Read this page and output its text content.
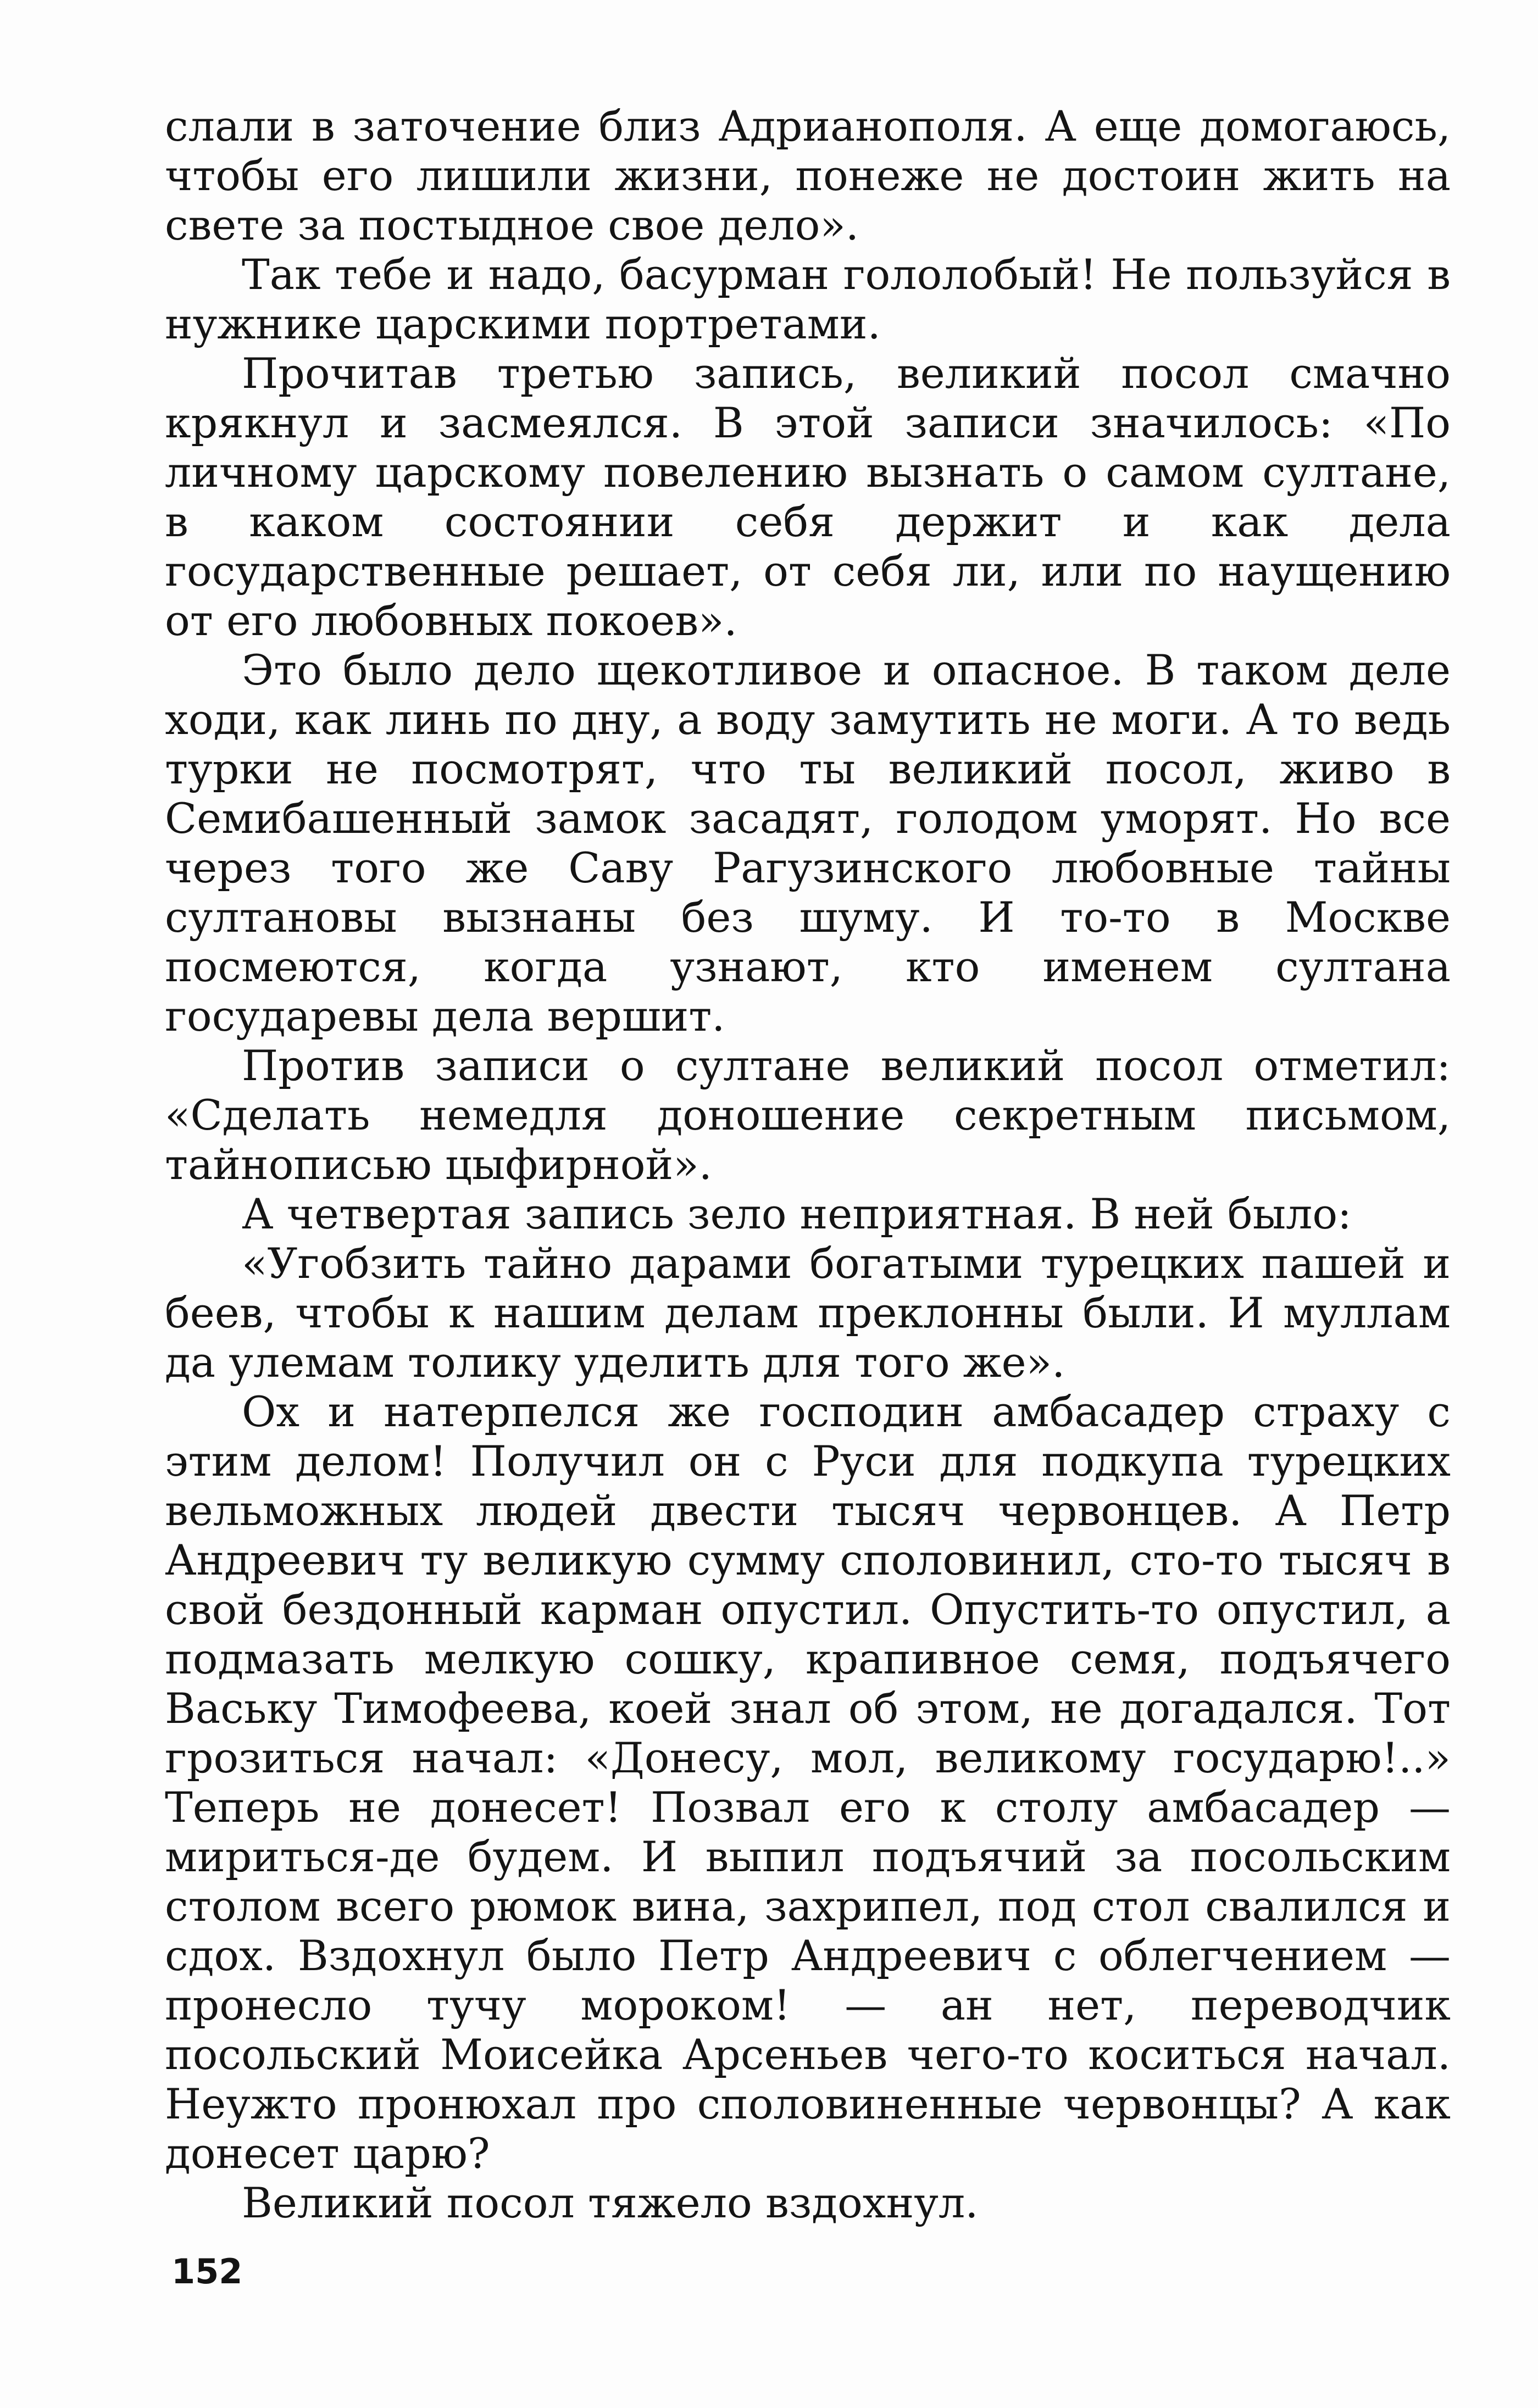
слали в заточение близ Адрианополя. А еще домогаюсь, чтобы его лишили жизни, понеже не достоин жить на свете за постыдное свое дело».

Так тебе и надо, басурман гололобый! Не пользуйся в нужнике царскими портретами.

Прочитав третью запись, великий посол смачно крякнул и засмеялся. В этой записи значилось: «По личному царскому повелению вызнать о самом султане, в каком состоянии себя держит и как дела государственные решает, от себя ли, или по наущению от его любовных покоев».

Это было дело щекотливое и опасное. В таком деле ходи, как линь по дну, а воду замутить не моги. А то ведь турки не посмотрят, что ты великий посол, живо в Семибашенный замок засадят, голодом уморят. Но все через того же Саву Рагузинского любовные тайны султановы вызнаны без шуму. И то-то в Москве посмеются, когда узнают, кто именем султана государевы дела вершит.

Против записи о султане великий посол отметил: «Сделать немедля доношение секретным письмом, тайнописью цыфирной».

А четвертая запись зело неприятная. В ней было:

«Угобзить тайно дарами богатыми турецких пашей и беев, чтобы к нашим делам преклонны были. И муллам да улемам толику уделить для того же».

Ох и натерпелся же господин амбасадер страху с этим делом! Получил он с Руси для подкупа турецких вельможных людей двести тысяч червонцев. А Петр Андреевич ту великую сумму споловинил, сто-то тысяч в свой бездонный карман опустил. Опустить-то опустил, а подмазать мелкую сошку, крапивное семя, подъячего Ваську Тимофеева, коей знал об этом, не догадался. Тот грозиться начал: «Донесу, мол, великому государю!..» Теперь не донесет! Позвал его к столу амбасадер — мириться-де будем. И выпил подъячий за посольским столом всего рюмок вина, захрипел, под стол свалился и сдох. Вздохнул было Петр Андреевич с облегчением — пронесло тучу мороком! — ан нет, переводчик посольский Моисейка Арсеньев чего-то коситься начал. Неужто пронюхал про споловиненные червонцы? А как донесет царю?

Великий посол тяжело вздохнул.

152
